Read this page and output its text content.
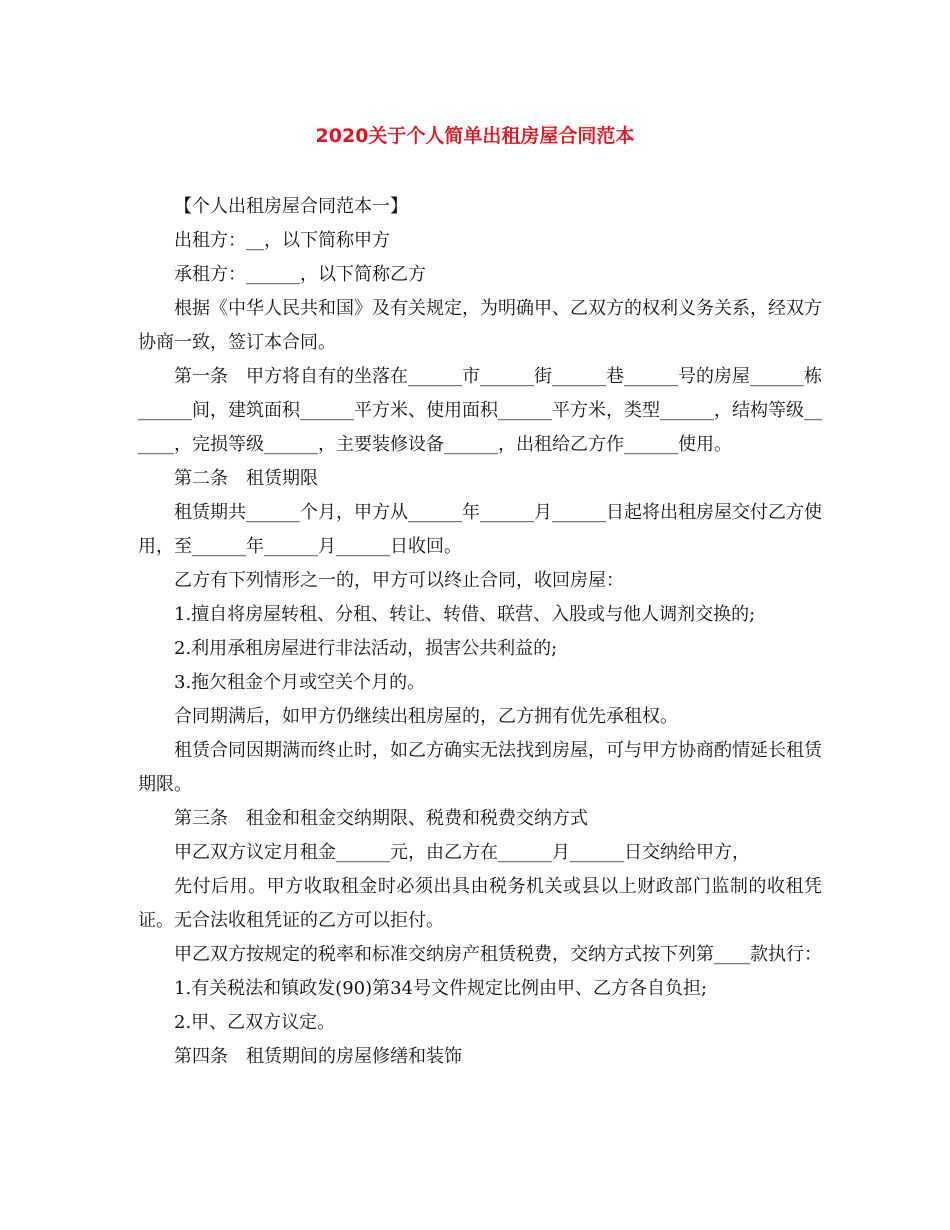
2020关于个人简单出租房屋合同范本

【个人出租房屋合同范本一】

出租方：__，以下简称甲方

承租方：______，以下简称乙方

根据《中华人民共和国》及有关规定，为明确甲、乙双方的权利义务关系，经双方协商一致，签订本合同。

第一条　甲方将自有的坐落在______市______街______巷______号的房屋______栋______间，建筑面积______平方米、使用面积______平方米，类型______，结构等级______，完损等级______，主要装修设备______，出租给乙方作______使用。

第二条　租赁期限

租赁期共______个月，甲方从______年______月______日起将出租房屋交付乙方使用，至______年______月______日收回。

乙方有下列情形之一的，甲方可以终止合同，收回房屋：

1.擅自将房屋转租、分租、转让、转借、联营、入股或与他人调剂交换的;

2.利用承租房屋进行非法活动，损害公共利益的;

3.拖欠租金个月或空关个月的。

合同期满后，如甲方仍继续出租房屋的，乙方拥有优先承租权。

租赁合同因期满而终止时，如乙方确实无法找到房屋，可与甲方协商酌情延长租赁期限。

第三条　租金和租金交纳期限、税费和税费交纳方式

甲乙双方议定月租金______元，由乙方在______月______日交纳给甲方，

先付后用。甲方收取租金时必须出具由税务机关或县以上财政部门监制的收租凭证。无合法收租凭证的乙方可以拒付。

甲乙双方按规定的税率和标准交纳房产租赁税费，交纳方式按下列第____款执行：

1.有关税法和镇政发(90)第34号文件规定比例由甲、乙方各自负担;

2.甲、乙双方议定。

第四条　租赁期间的房屋修缮和装饰
